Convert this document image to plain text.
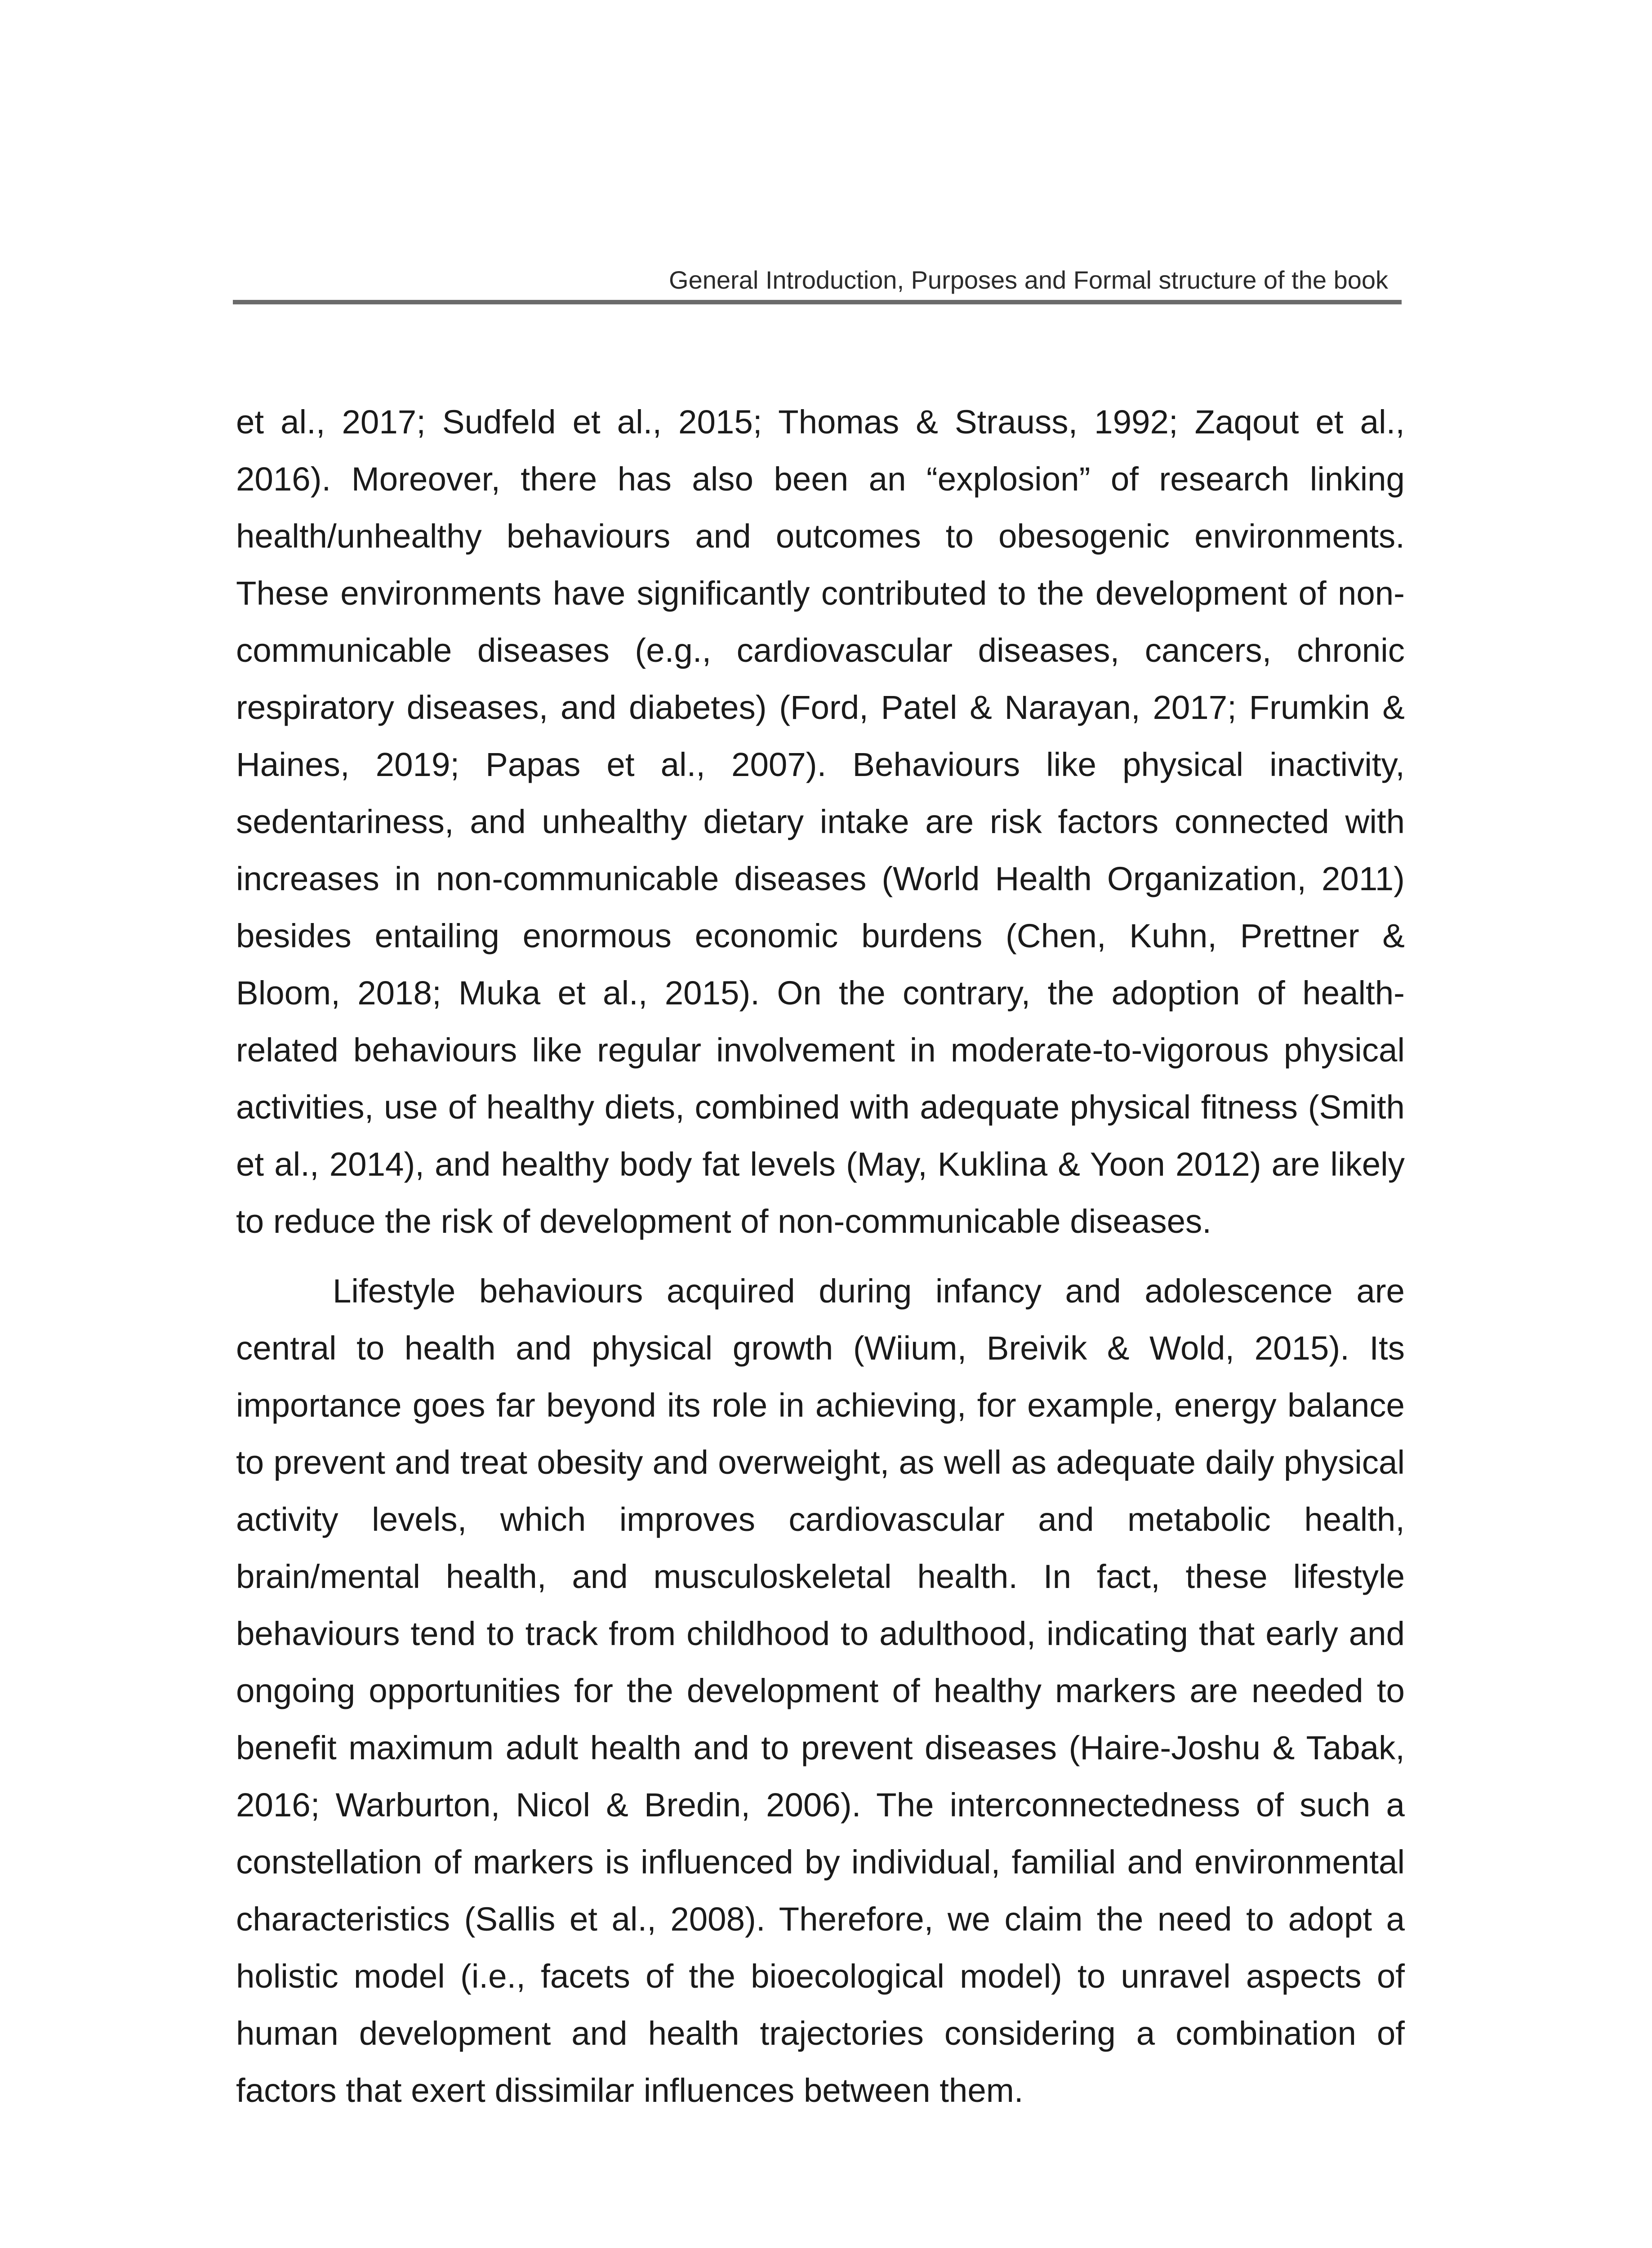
General Introduction, Purposes and Formal structure of the book

et al., 2017; Sudfeld et al., 2015; Thomas & Strauss, 1992; Zaqout et al., 2016). Moreover, there has also been an “explosion” of research linking health/unhealthy behaviours and outcomes to obesogenic environments. These environments have significantly contributed to the development of non-communicable diseases (e.g., cardiovascular diseases, cancers, chronic respiratory diseases, and diabetes) (Ford, Patel & Narayan, 2017; Frumkin & Haines, 2019; Papas et al., 2007). Behaviours like physical inactivity, sedentariness, and unhealthy dietary intake are risk factors connected with increases in non-communicable diseases (World Health Organization, 2011) besides entailing enormous economic burdens (Chen, Kuhn, Prettner & Bloom, 2018; Muka et al., 2015). On the contrary, the adoption of health-related behaviours like regular involvement in moderate-to-vigorous physical activities, use of healthy diets, combined with adequate physical fitness (Smith et al., 2014), and healthy body fat levels (May, Kuklina & Yoon 2012) are likely to reduce the risk of development of non-communicable diseases.

Lifestyle behaviours acquired during infancy and adolescence are central to health and physical growth (Wiium, Breivik & Wold, 2015). Its importance goes far beyond its role in achieving, for example, energy balance to prevent and treat obesity and overweight, as well as adequate daily physical activity levels, which improves cardiovascular and metabolic health, brain/mental health, and musculoskeletal health. In fact, these lifestyle behaviours tend to track from childhood to adulthood, indicating that early and ongoing opportunities for the development of healthy markers are needed to benefit maximum adult health and to prevent diseases (Haire-Joshu & Tabak, 2016; Warburton, Nicol & Bredin, 2006). The interconnectedness of such a constellation of markers is influenced by individual, familial and environmental characteristics (Sallis et al., 2008). Therefore, we claim the need to adopt a holistic model (i.e., facets of the bioecological model) to unravel aspects of human development and health trajectories considering a combination of factors that exert dissimilar influences between them.
